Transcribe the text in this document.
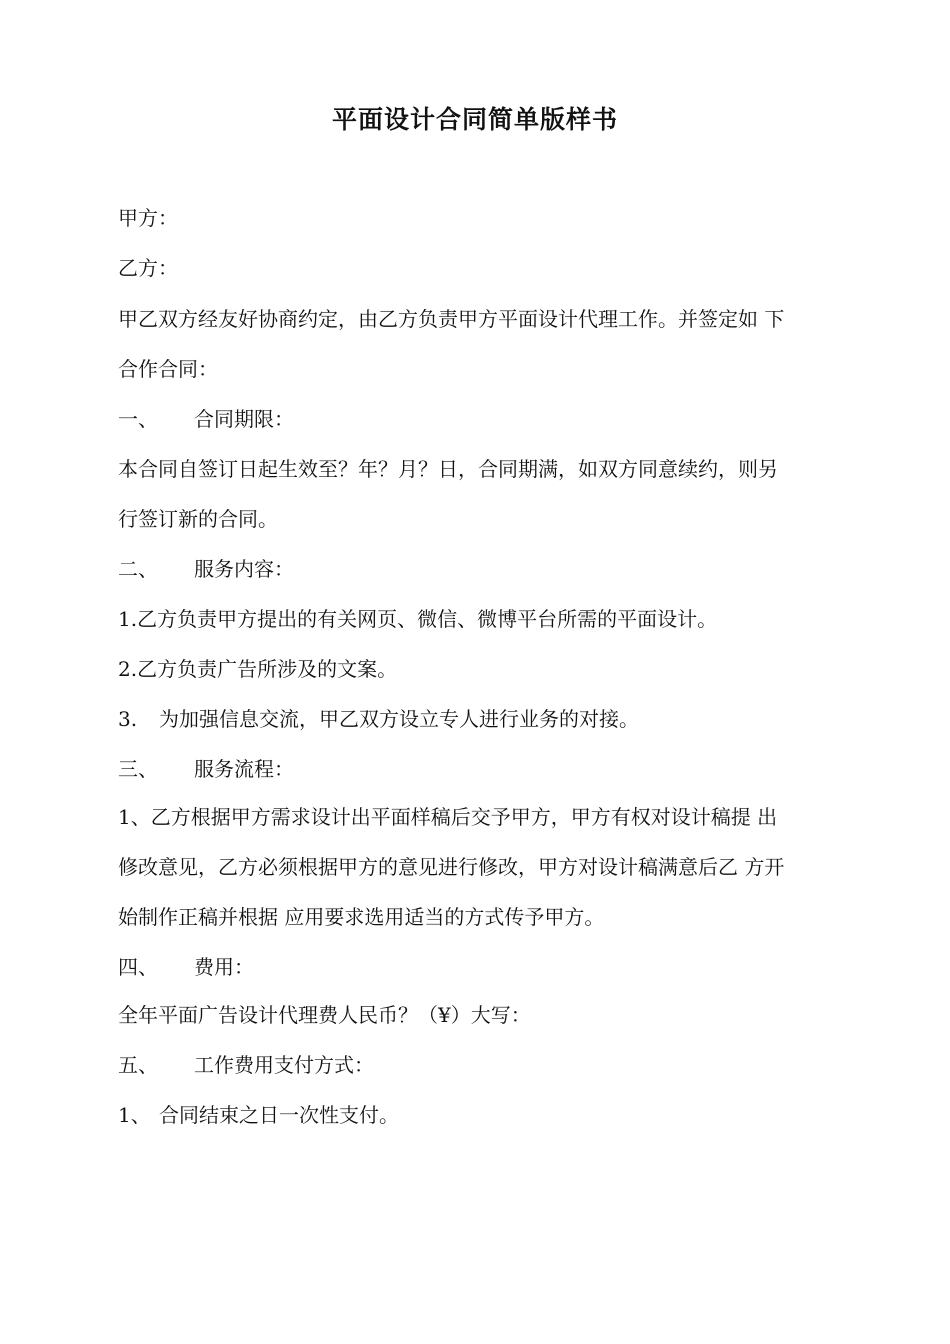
平面设计合同简单版样书
甲方：
乙方：
甲乙双方经友好协商约定，由乙方负责甲方平面设计代理工作。并签定如 下
合作合同：
一、 合同期限：
本合同自签订日起生效至？年？月？日，合同期满，如双方同意续约，则另
行签订新的合同。
二、 服务内容：
1.乙方负责甲方提出的有关网页、微信、微博平台所需的平面设计。
2.乙方负责广告所涉及的文案。
3. 为加强信息交流，甲乙双方设立专人进行业务的对接。
三、 服务流程：
1、乙方根据甲方需求设计出平面样稿后交予甲方，甲方有权对设计稿提 出
修改意见，乙方必须根据甲方的意见进行修改，甲方对设计稿满意后乙 方开
始制作正稿并根据 应用要求选用适当的方式传予甲方。
四、 费用：
全年平面广告设计代理费人民币？（¥）大写：
五、 工作费用支付方式：
1、 合同结束之日一次性支付。
